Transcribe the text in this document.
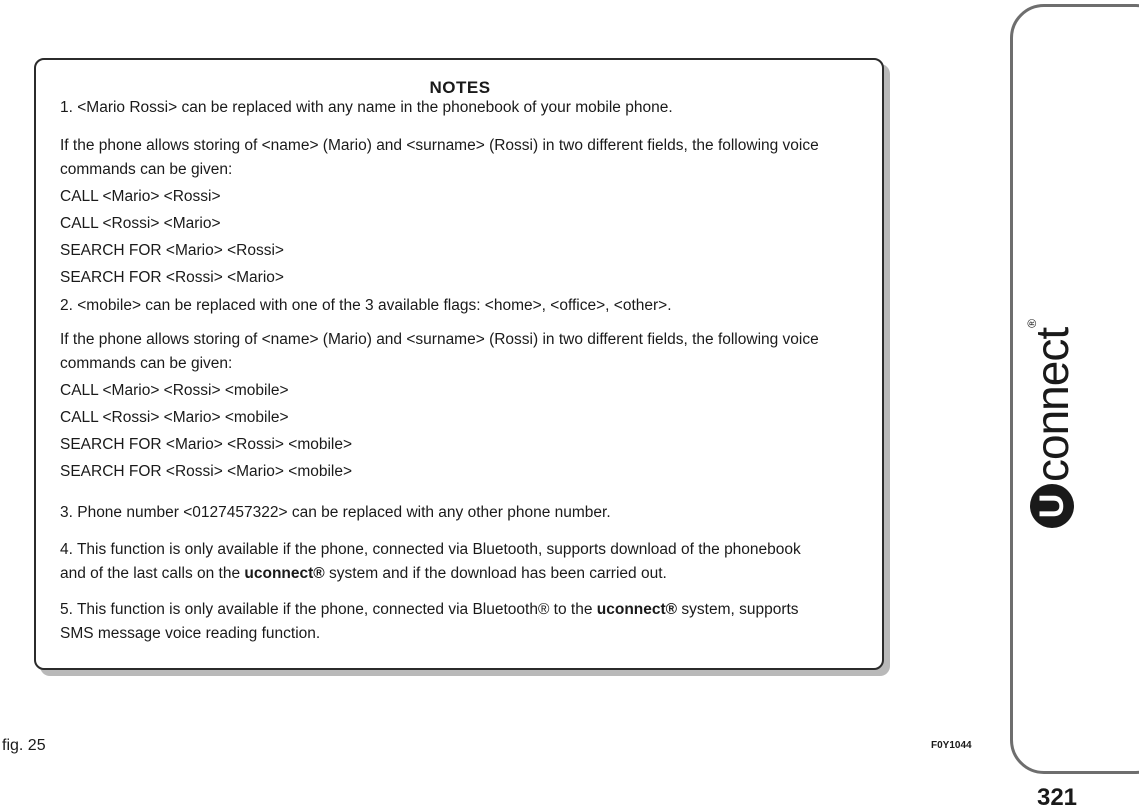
NOTES
1. <Mario Rossi> can be replaced with any name in the phonebook of your mobile phone.
If the phone allows storing of <name> (Mario) and <surname> (Rossi) in two different fields, the following voice
commands can be given:
CALL <Mario> <Rossi>
CALL <Rossi> <Mario>
SEARCH FOR <Mario> <Rossi>
SEARCH FOR <Rossi> <Mario>
2. <mobile> can be replaced with one of the 3 available flags: <home>, <office>, <other>.
If the phone allows storing of <name> (Mario) and <surname> (Rossi) in two different fields, the following voice
commands can be given:
CALL <Mario> <Rossi> <mobile>
CALL <Rossi> <Mario> <mobile>
SEARCH FOR <Mario> <Rossi> <mobile>
SEARCH FOR <Rossi> <Mario> <mobile>
3. Phone number <0127457322> can be replaced with any other phone number.
4. This function is only available if the phone, connected via Bluetooth, supports download of the phonebook
and of the last calls on the uconnect® system and if the download has been carried out.
5. This function is only available if the phone, connected via Bluetooth® to the uconnect® system, supports
SMS message voice reading function.
fig. 25	F0Y1044
Uconnect®
321
